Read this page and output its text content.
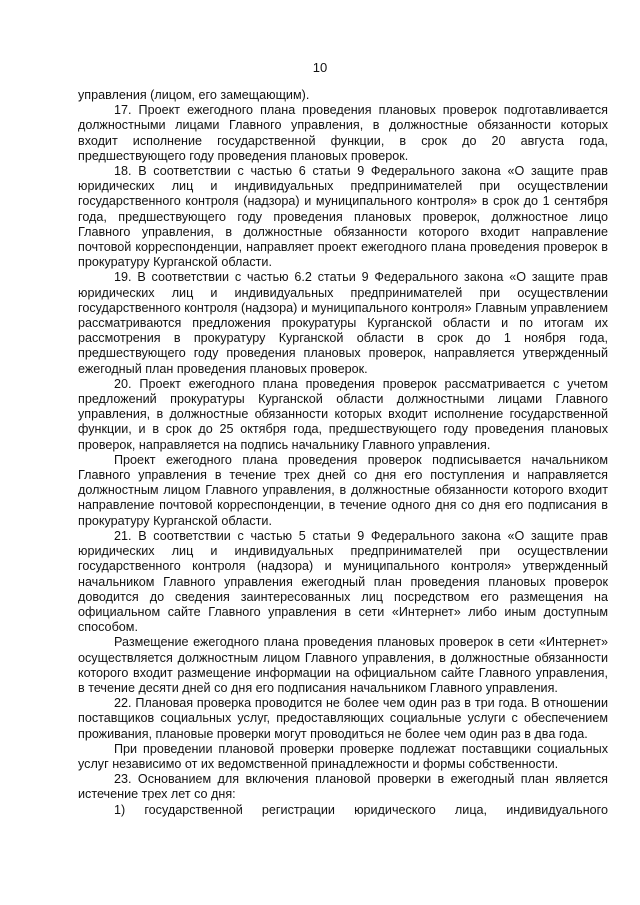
10

управления (лицом, его замещающим).

17. Проект ежегодного плана проведения плановых проверок подготавливается должностными лицами Главного управления, в должностные обязанности которых входит исполнение государственной функции, в срок до 20 августа года, предшествующего году проведения плановых проверок.

18. В соответствии с частью 6 статьи 9 Федерального закона «О защите прав юридических лиц и индивидуальных предпринимателей при осуществлении государственного контроля (надзора) и муниципального контроля» в срок до 1 сентября года, предшествующего году проведения плановых проверок, должностное лицо Главного управления, в должностные обязанности которого входит направление почтовой корреспонденции, направляет проект ежегодного плана проведения проверок в прокуратуру Курганской области.

19. В соответствии с частью 6.2 статьи 9 Федерального закона «О защите прав юридических лиц и индивидуальных предпринимателей при осуществлении государственного контроля (надзора) и муниципального контроля» Главным управлением рассматриваются предложения прокуратуры Курганской области и по итогам их рассмотрения в прокуратуру Курганской области в срок до 1 ноября года, предшествующего году проведения плановых проверок, направляется утвержденный ежегодный план проведения плановых проверок.

20. Проект ежегодного плана проведения проверок рассматривается с учетом предложений прокуратуры Курганской области должностными лицами Главного управления, в должностные обязанности которых входит исполнение государственной функции, и в срок до 25 октября года, предшествующего году проведения плановых проверок, направляется на подпись начальнику Главного управления.

Проект ежегодного плана проведения проверок подписывается начальником Главного управления в течение трех дней со дня его поступления и направляется должностным лицом Главного управления, в должностные обязанности которого входит направление почтовой корреспонденции, в течение одного дня со дня его подписания в прокуратуру Курганской области.

21. В соответствии с частью 5 статьи 9 Федерального закона «О защите прав юридических лиц и индивидуальных предпринимателей при осуществлении государственного контроля (надзора) и муниципального контроля» утвержденный начальником Главного управления ежегодный план проведения плановых проверок доводится до сведения заинтересованных лиц посредством его размещения на официальном сайте Главного управления в сети «Интернет» либо иным доступным способом.

Размещение ежегодного плана проведения плановых проверок в сети «Интернет» осуществляется должностным лицом Главного управления, в должностные обязанности которого входит размещение информации на официальном сайте Главного управления, в течение десяти дней со дня его подписания начальником Главного управления.

22. Плановая проверка проводится не более чем один раз в три года. В отношении поставщиков социальных услуг, предоставляющих социальные услуги с обеспечением проживания, плановые проверки могут проводиться не более чем один раз в два года.

При проведении плановой проверки проверке подлежат поставщики социальных услуг независимо от их ведомственной принадлежности и формы собственности.

23. Основанием для включения плановой проверки в ежегодный план является истечение трех лет со дня:

1) государственной регистрации юридического лица, индивидуального
